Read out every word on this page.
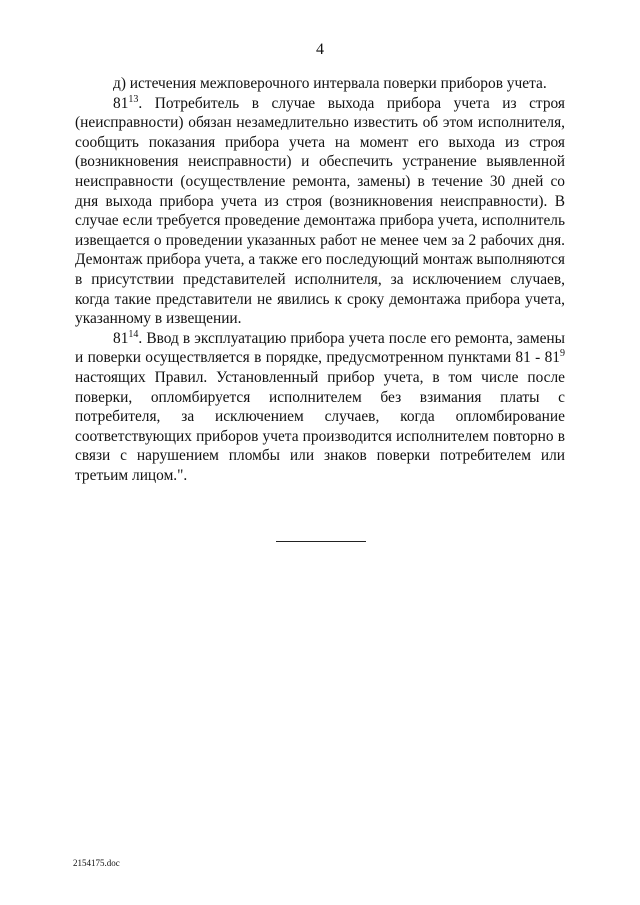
4

д) истечения межповерочного интервала поверки приборов учета.

$81^{13}$. Потребитель в случае выхода прибора учета из строя (неисправности) обязан незамедлительно известить об этом исполнителя, сообщить показания прибора учета на момент его выхода из строя (возникновения неисправности) и обеспечить устранение выявленной неисправности (осуществление ремонта, замены) в течение 30 дней со дня выхода прибора учета из строя (возникновения неисправности). В случае если требуется проведение демонтажа прибора учета, исполнитель извещается о проведении указанных работ не менее чем за 2 рабочих дня. Демонтаж прибора учета, а также его последующий монтаж выполняются в присутствии представителей исполнителя, за исключением случаев, когда такие представители не явились к сроку демонтажа прибора учета, указанному в извещении.

$81^{14}$. Ввод в эксплуатацию прибора учета после его ремонта, замены и поверки осуществляется в порядке, предусмотренном пунктами $81 - 81^9$ настоящих Правил. Установленный прибор учета, в том числе после поверки, опломбируется исполнителем без взимания платы с потребителя, за исключением случаев, когда опломбирование соответствующих приборов учета производится исполнителем повторно в связи с нарушением пломбы или знаков поверки потребителем или третьим лицом.".

2154175.doc
